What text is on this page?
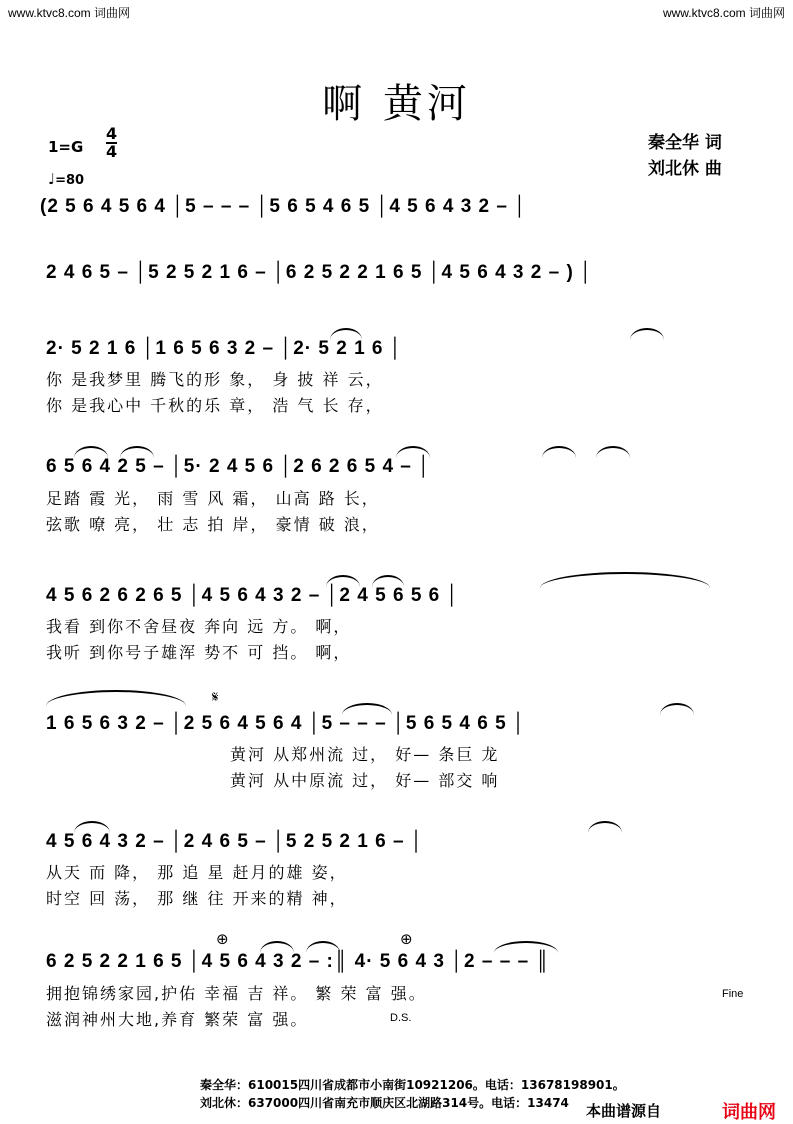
www.ktvc8.com 词曲网	www.ktvc8.com 词曲网
啊 黄河
秦全华 词
刘北休 曲
1=G
4
4
♩=80
(2 5 6 4 5 6 4 │5 – – – │5 6 5 4 6 5 │4 5 6 4 3 2 – │
2 4 6 5 – │5 2 5 2 1 6 – │6 2 5 2 2 1 6 5 │4 5 6 4 3 2 – ) │
2· 5 2 1 6 │1 6 5 6 3 2 – │2· 5 2 1 6 │
你 是我梦里 腾飞的形 象， 身 披 祥 云，
你 是我心中 千秋的乐 章， 浩 气 长 存，
6 5 6 4 2 5 – │5· 2 4 5 6 │2 6 2 6 5 4 – │
足踏 霞 光， 雨 雪 风 霜， 山高 路 长，
弦歌 嘹 亮， 壮 志 拍 岸， 豪情 破 浪，
4 5 6 2 6 2 6 5 │4 5 6 4 3 2 – │2 4 5 6 5 6 │
我看 到你不舍昼夜 奔向 远 方。 啊，
我听 到你号子雄浑 势不 可 挡。 啊，
𝄋
1 6 5 6 3 2 – │2 5 6 4 5 6 4 │5 – – – │5 6 5 4 6 5 │
黄河 从郑州流 过， 好— 条巨 龙
黄河 从中原流 过， 好— 部交 响
4 5 6 4 3 2 – │2 4 6 5 – │5 2 5 2 1 6 – │
从天 而 降， 那 追 星 赶月的雄 姿，
时空 回 荡， 那 继 往 开来的精 神，
⊕	⊕
6 2 5 2 2 1 6 5 │4 5 6 4 3 2 – :║ 4· 5 6 4 3 │2 – – – ║
拥抱锦绣家园,护佑 幸福 吉 祥。 繁 荣 富 强。
滋润神州大地,养育 繁荣 富 强。	D.S.
Fine
秦全华：610015四川省成都市小南街10921206。电话：13678198901。
刘北休：637000四川省南充市顺庆区北湖路314号。电话：13474 本曲谱源自	词曲网
